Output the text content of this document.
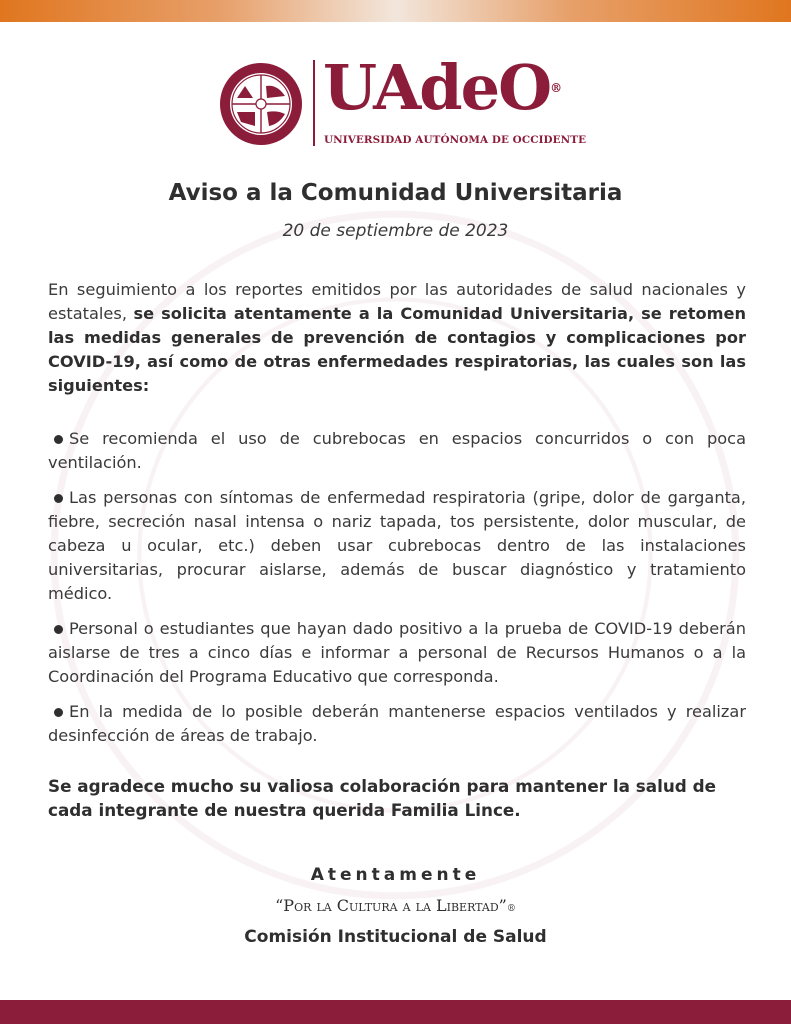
UAdeO®
UNIVERSIDAD AUTÓNOMA DE OCCIDENTE
Aviso a la Comunidad Universitaria
20 de septiembre de 2023

En seguimiento a los reportes emitidos por las autoridades de salud nacionales y estatales, se solicita atentamente a la Comunidad Universitaria, se retomen las medidas generales de prevención de contagios y complicaciones por COVID-19, así como de otras enfermedades respiratorias, las cuales son las siguientes:

Se recomienda el uso de cubrebocas en espacios concurridos o con poca ventilación.
Las personas con síntomas de enfermedad respiratoria (gripe, dolor de garganta, fiebre, secreción nasal intensa o nariz tapada, tos persistente, dolor muscular, de cabeza u ocular, etc.) deben usar cubrebocas dentro de las instalaciones universitarias, procurar aislarse, además de buscar diagnóstico y tratamiento médico.
Personal o estudiantes que hayan dado positivo a la prueba de COVID-19 deberán aislarse de tres a cinco días e informar a personal de Recursos Humanos o a la Coordinación del Programa Educativo que corresponda.
En la medida de lo posible deberán mantenerse espacios ventilados y realizar desinfección de áreas de trabajo.

Se agradece mucho su valiosa colaboración para mantener la salud de cada integrante de nuestra querida Familia Lince.

Atentamente
“Por la Cultura a la Libertad”®
Comisión Institucional de Salud
